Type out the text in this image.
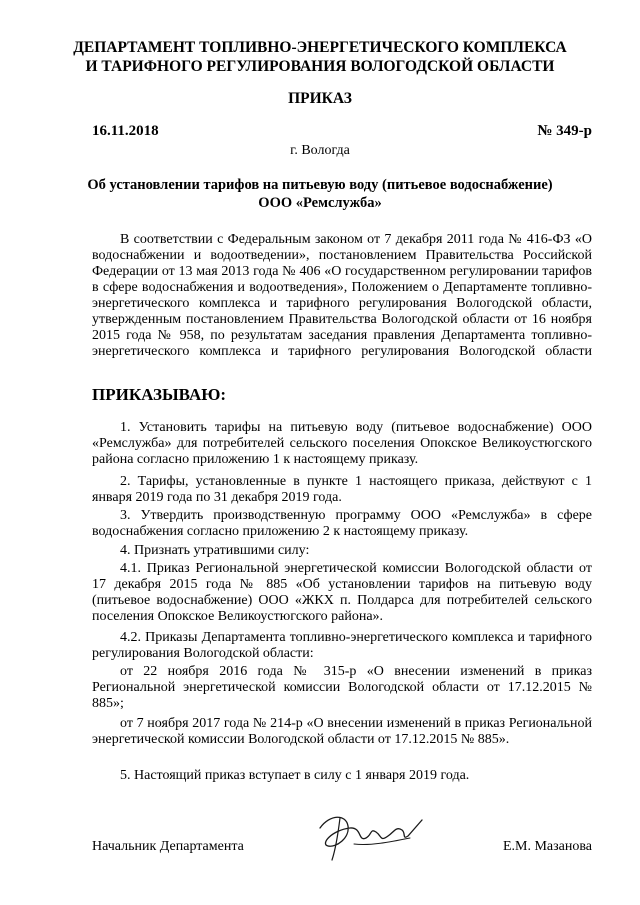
ДЕПАРТАМЕНТ ТОПЛИВНО-ЭНЕРГЕТИЧЕСКОГО КОМПЛЕКСА
И ТАРИФНОГО РЕГУЛИРОВАНИЯ ВОЛОГОДСКОЙ ОБЛАСТИ
ПРИКАЗ
16.11.2018	№ 349-р
г. Вологда
Об установлении тарифов на питьевую воду (питьевое водоснабжение)
ООО «Ремслужба»
В соответствии с Федеральным законом от 7 декабря 2011 года № 416-ФЗ «О водоснабжении и водоотведении», постановлением Правительства Российской Федерации от 13 мая 2013 года № 406 «О государственном регулировании тарифов в сфере водоснабжения и водоотведения», Положением о Департаменте топливно-энергетического комплекса и тарифного регулирования Вологодской области, утвержденным постановлением Правительства Вологодской области от 16 ноября 2015 года № 958, по результатам заседания правления Департамента топливно-энергетического комплекса и тарифного регулирования Вологодской области
ПРИКАЗЫВАЮ:
1. Установить тарифы на питьевую воду (питьевое водоснабжение) ООО «Ремслужба» для потребителей сельского поселения Опокское Великоустюгского района согласно приложению 1 к настоящему приказу.
2. Тарифы, установленные в пункте 1 настоящего приказа, действуют с 1 января 2019 года по 31 декабря 2019 года.
3. Утвердить производственную программу ООО «Ремслужба» в сфере водоснабжения согласно приложению 2 к настоящему приказу.
4. Признать утратившими силу:
4.1. Приказ Региональной энергетической комиссии Вологодской области от 17 декабря 2015 года № 885 «Об установлении тарифов на питьевую воду (питьевое водоснабжение) ООО «ЖКХ п. Полдарса для потребителей сельского поселения Опокское Великоустюгского района».
4.2. Приказы Департамента топливно-энергетического комплекса и тарифного регулирования Вологодской области:
от 22 ноября 2016 года № 315-р «О внесении изменений в приказ Региональной энергетической комиссии Вологодской области от 17.12.2015 № 885»;
от 7 ноября 2017 года № 214-р «О внесении изменений в приказ Региональной энергетической комиссии Вологодской области от 17.12.2015 № 885».
5. Настоящий приказ вступает в силу с 1 января 2019 года.
Начальник Департамента	Е.М. Мазанова
